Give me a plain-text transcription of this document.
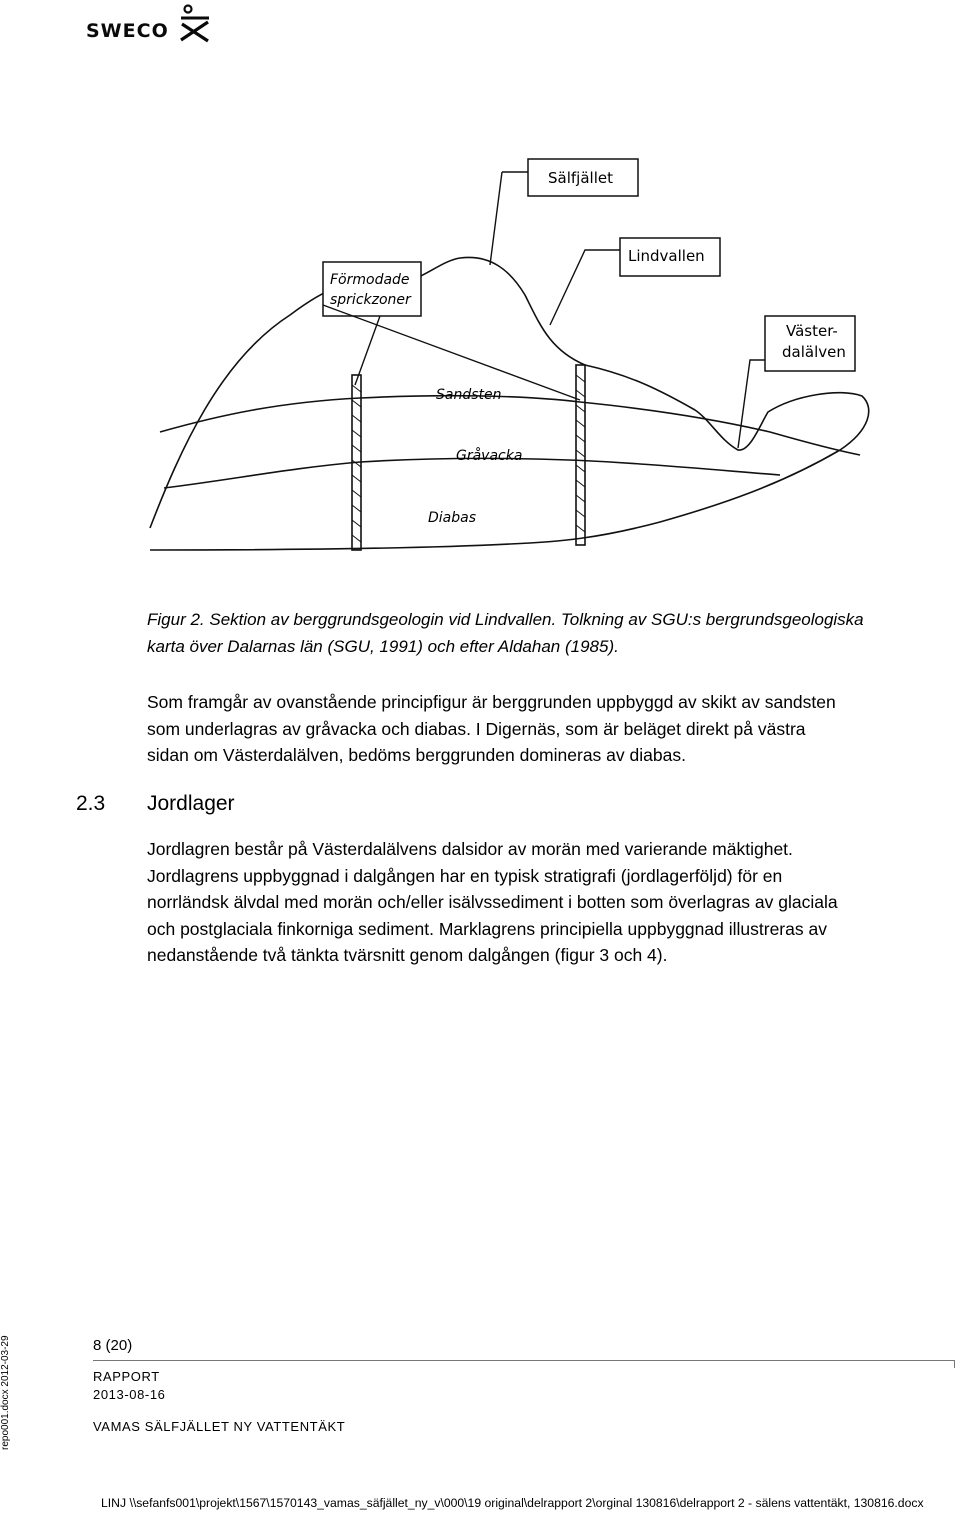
SWECO
Sälfjället
Lindvallen
Förmodade
sprickzoner
Väster-
dalälven
Sandsten
Gråvacka
Diabas
Figur 2. Sektion av berggrundsgeologin vid Lindvallen. Tolkning av SGU:s bergrundsgeologiska
karta över Dalarnas län (SGU, 1991) och efter Aldahan (1985).
Som framgår av ovanstående principfigur är berggrunden uppbyggd av skikt av sandsten
som underlagras av gråvacka och diabas. I Digernäs, som är beläget direkt på västra
sidan om Västerdalälven, bedöms berggrunden domineras av diabas.
2.3 Jordlager
Jordlagren består på Västerdalälvens dalsidor av morän med varierande mäktighet.
Jordlagrens uppbyggnad i dalgången har en typisk stratigrafi (jordlagerföljd) för en
norrländsk älvdal med morän och/eller isälvssediment i botten som överlagras av glaciala
och postglaciala finkorniga sediment. Marklagrens principiella uppbyggnad illustreras av
nedanstående två tänkta tvärsnitt genom dalgången (figur 3 och 4).
8 (20)
RAPPORT
2013-08-16
VAMAS SÄLFJÄLLET NY VATTENTÄKT
repo001.docx 2012-03-29
LINJ \\sefanfs001\projekt\1567\1570143_vamas_säfjället_ny_v\000\19 original\delrapport 2\orginal 130816\delrapport 2 - sälens vattentäkt, 130816.docx
